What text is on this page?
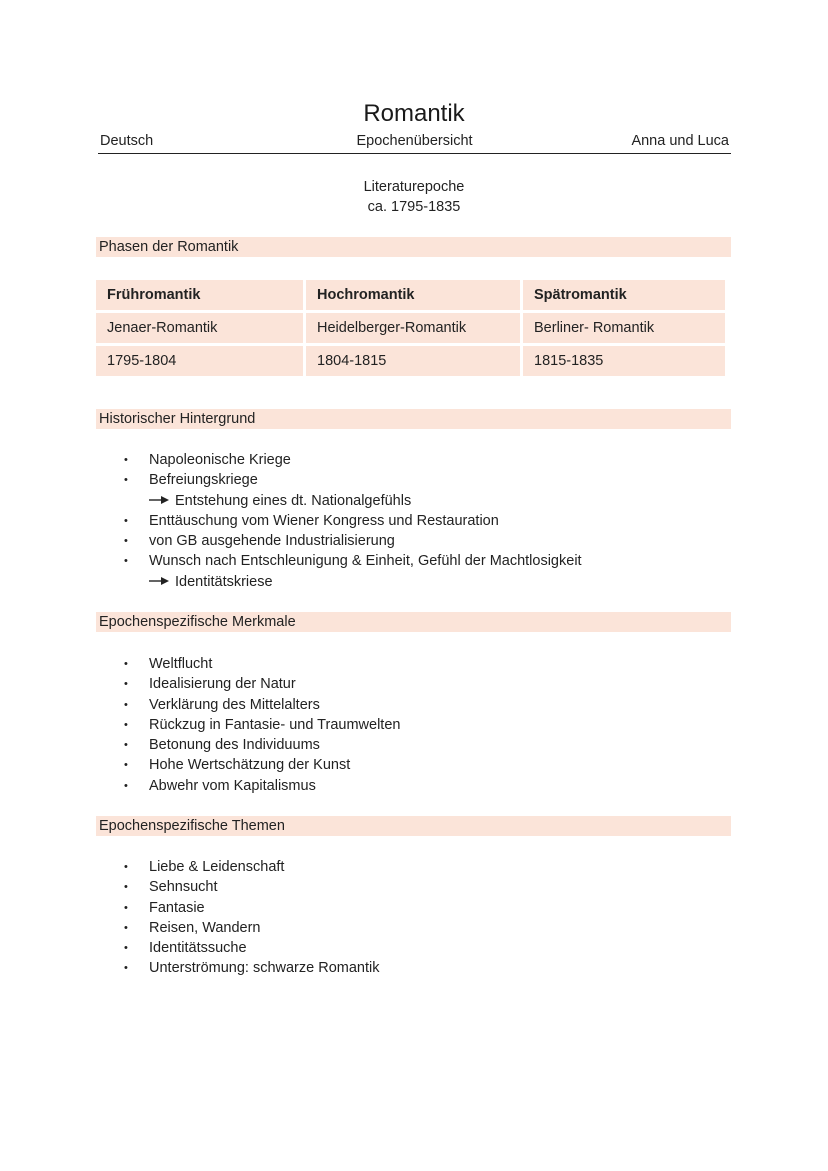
Romantik
Deutsch	Epochenübersicht	Anna und Luca
Literaturepoche
ca. 1795-1835
Phasen der Romantik
Frühromantik	Hochromantik	Spätromantik
Jenaer-Romantik	Heidelberger-Romantik	Berliner- Romantik
1795-1804	1804-1815	1815-1835
Historischer Hintergrund
• Napoleonische Kriege
• Befreiungskriege
Entstehung eines dt. Nationalgefühls
• Enttäuschung vom Wiener Kongress und Restauration
• von GB ausgehende Industrialisierung
• Wunsch nach Entschleunigung & Einheit, Gefühl der Machtlosigkeit
Identitätskriese
Epochenspezifische Merkmale
• Weltflucht
• Idealisierung der Natur
• Verklärung des Mittelalters
• Rückzug in Fantasie- und Traumwelten
• Betonung des Individuums
• Hohe Wertschätzung der Kunst
• Abwehr vom Kapitalismus
Epochenspezifische Themen
• Liebe & Leidenschaft
• Sehnsucht
• Fantasie
• Reisen, Wandern
• Identitätssuche
• Unterströmung: schwarze Romantik
